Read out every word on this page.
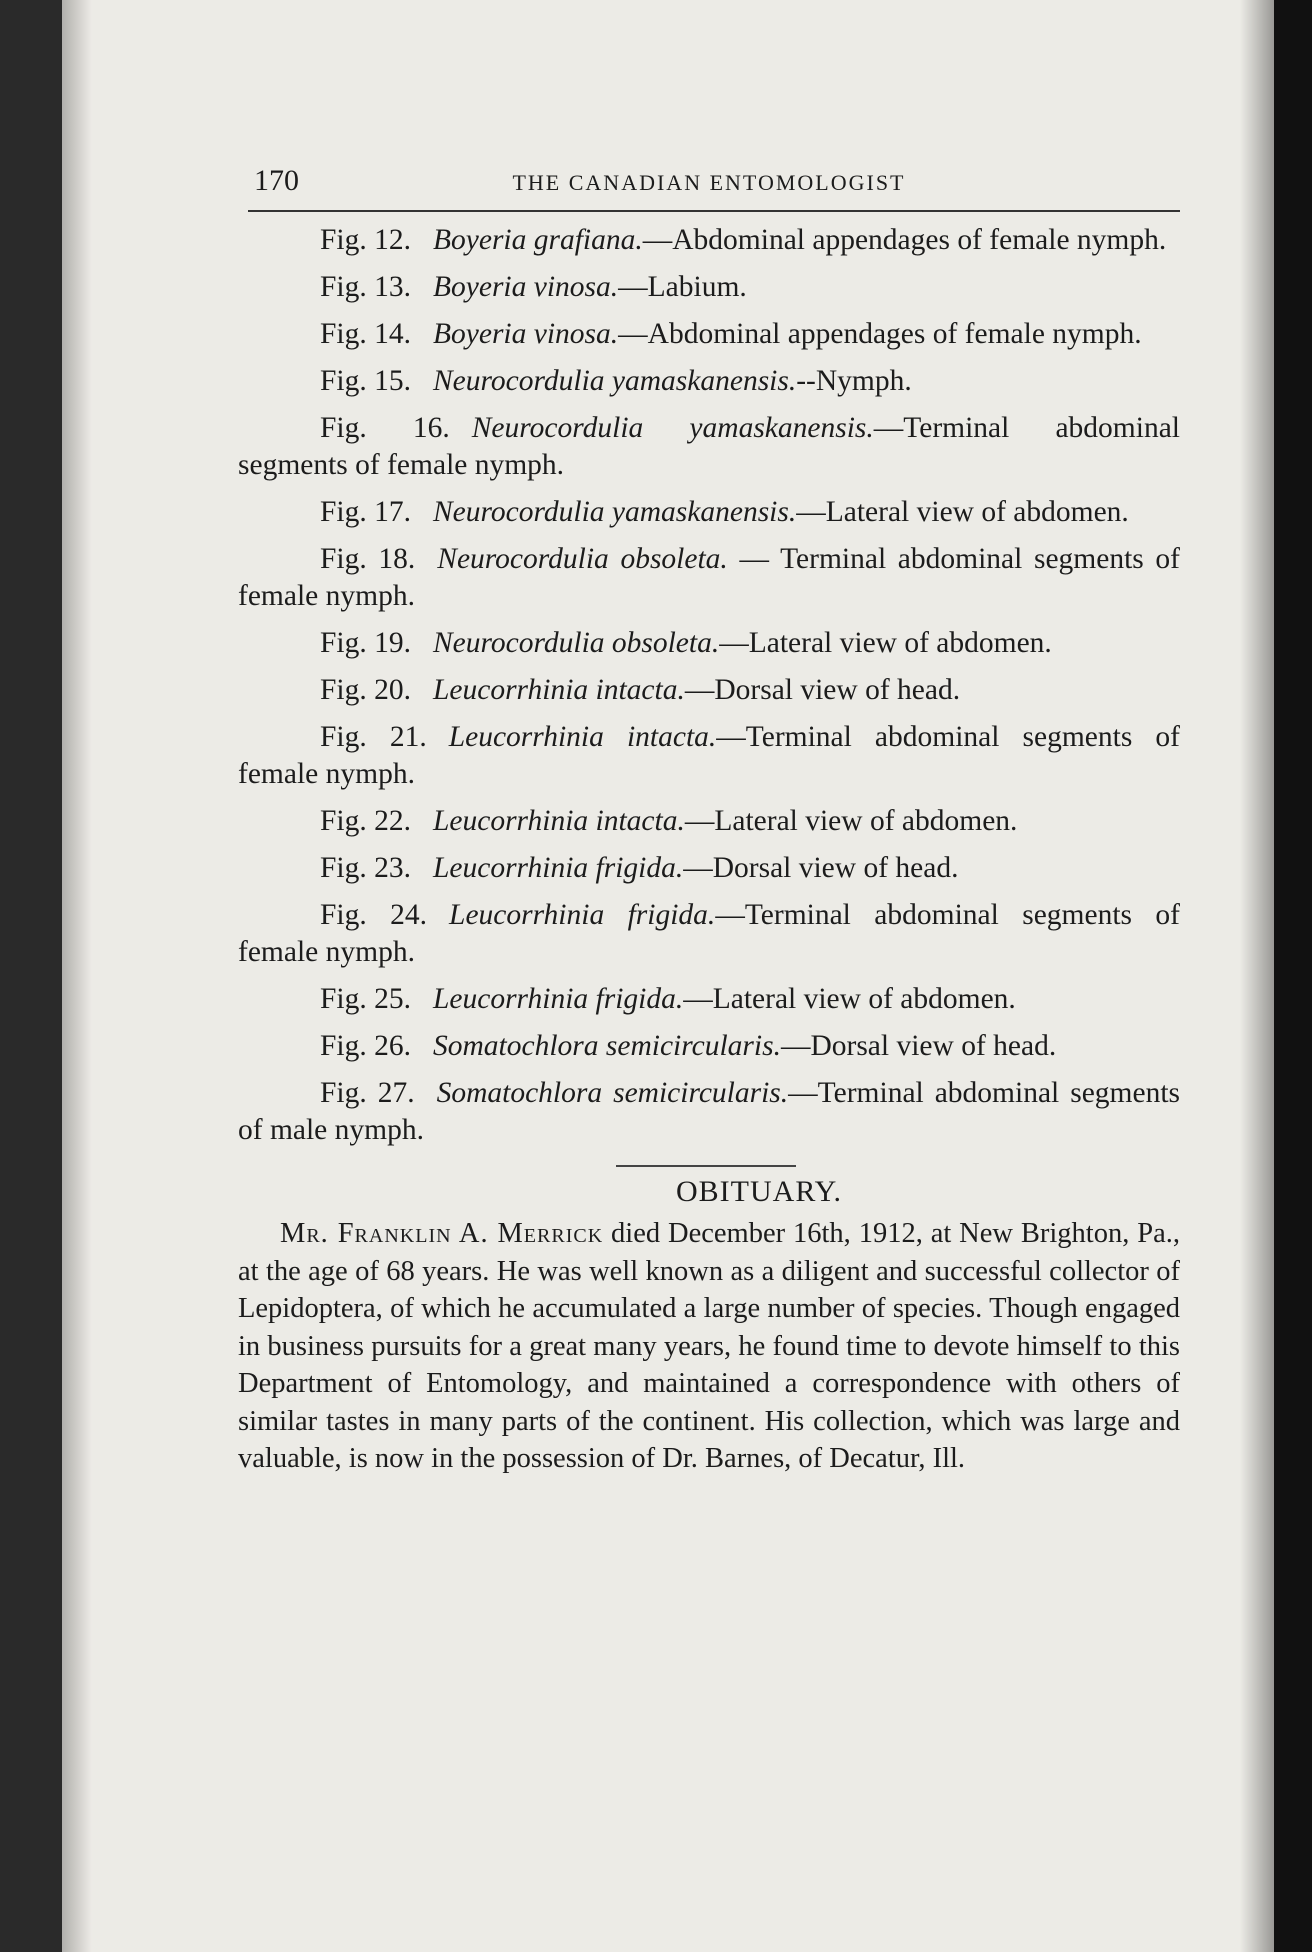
170	THE CANADIAN ENTOMOLOGIST

Fig. 12. Boyeria grafiana.—Abdominal appendages of female nymph.

Fig. 13. Boyeria vinosa.—Labium.

Fig. 14. Boyeria vinosa.—Abdominal appendages of female nymph.

Fig. 15. Neurocordulia yamaskanensis.--Nymph.

Fig. 16. Neurocordulia yamaskanensis.—Terminal abdominal segments of female nymph.

Fig. 17. Neurocordulia yamaskanensis.—Lateral view of abdomen.

Fig. 18. Neurocordulia obsoleta. — Terminal abdominal segments of female nymph.

Fig. 19. Neurocordulia obsoleta.—Lateral view of abdomen.

Fig. 20. Leucorrhinia intacta.—Dorsal view of head.

Fig. 21. Leucorrhinia intacta.—Terminal abdominal segments of female nymph.

Fig. 22. Leucorrhinia intacta.—Lateral view of abdomen.

Fig. 23. Leucorrhinia frigida.—Dorsal view of head.

Fig. 24. Leucorrhinia frigida.—Terminal abdominal segments of female nymph.

Fig. 25. Leucorrhinia frigida.—Lateral view of abdomen.

Fig. 26. Somatochlora semicircularis.—Dorsal view of head.

Fig. 27. Somatochlora semicircularis.—Terminal abdominal segments of male nymph.

OBITUARY.

Mr. Franklin A. Merrick died December 16th, 1912, at New Brighton, Pa., at the age of 68 years. He was well known as a diligent and successful collector of Lepidoptera, of which he accumulated a large number of species. Though engaged in business pursuits for a great many years, he found time to devote himself to this Department of Entomology, and maintained a correspondence with others of similar tastes in many parts of the continent. His collection, which was large and valuable, is now in the possession of Dr. Barnes, of Decatur, Ill.
